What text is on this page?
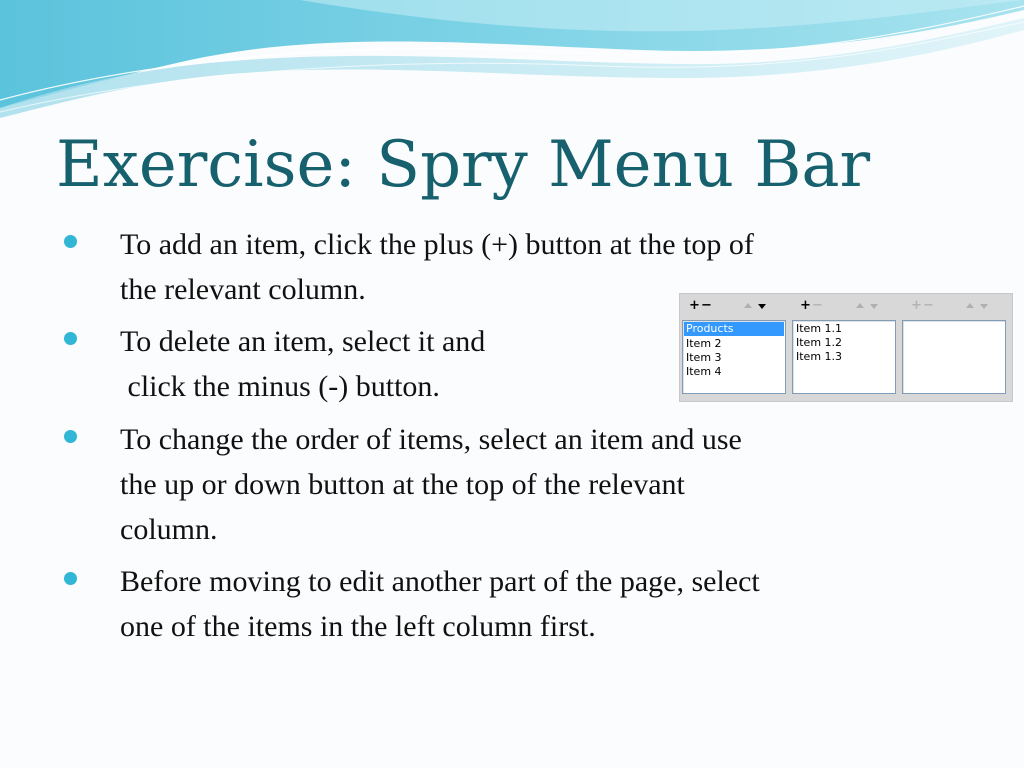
Exercise: Spry Menu Bar
To add an item, click the plus (+) button at the top of
the relevant column.
To delete an item, select it and
click the minus (-) button.
To change the order of items, select an item and use
the up or down button at the top of the relevant
column.
Before moving to edit another part of the page, select
one of the items in the left column first.
+ −	+ −	+ −
Products
Item 2
Item 3
Item 4
Item 1.1
Item 1.2
Item 1.3
